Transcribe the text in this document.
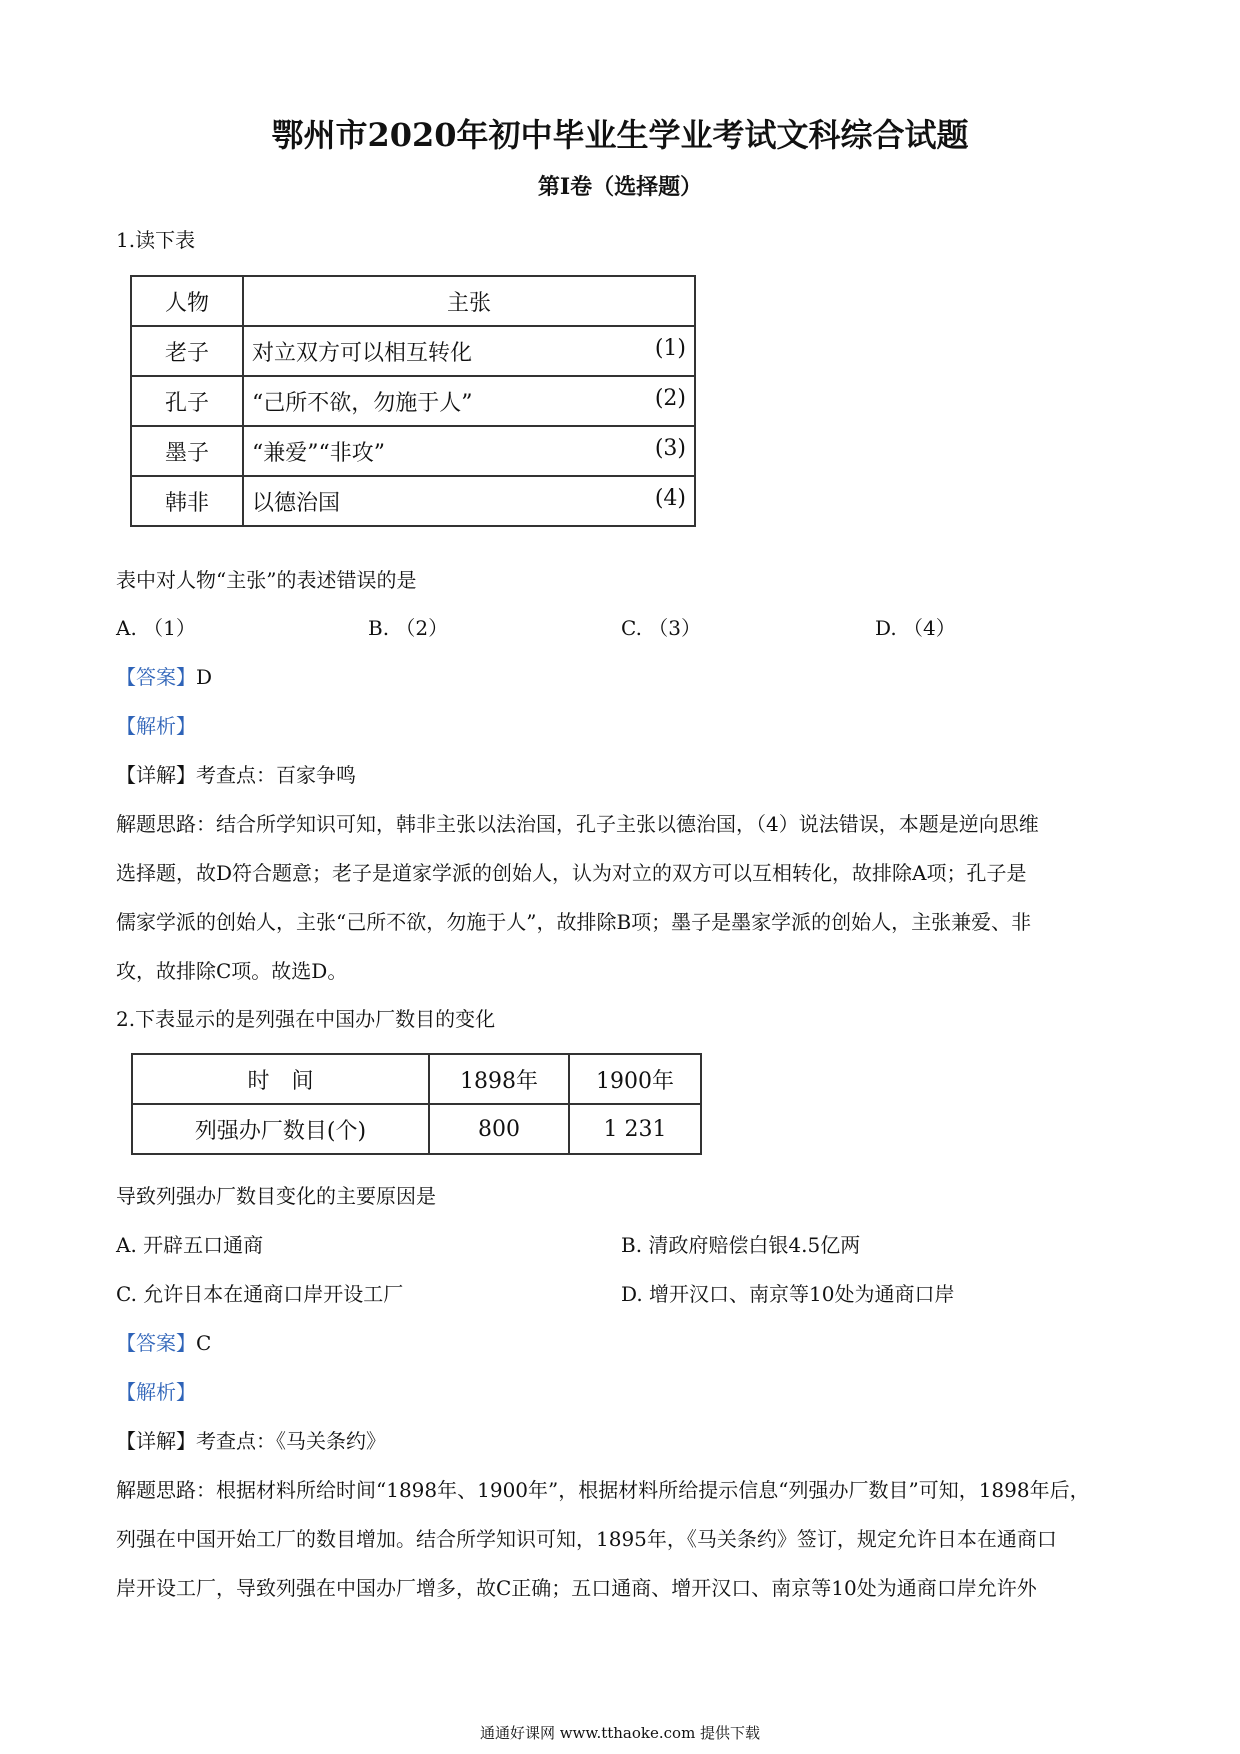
鄂州市2020年初中毕业生学业考试文科综合试题
第Ⅰ卷（选择题）
1.读下表
人物	主张
老子	对立双方可以相互转化 (1)

孔子	“己所不欲，勿施于人” (2)

墨子	“兼爱”“非攻” (3)

韩非	以德治国 (4)
表中对人物“主张”的表述错误的是
A. （1）	B. （2）	C. （3）	D. （4）
【答案】D
【解析】
【详解】考查点：百家争鸣
解题思路：结合所学知识可知，韩非主张以法治国，孔子主张以德治国，（4）说法错误，本题是逆向思维
选择题，故D符合题意；老子是道家学派的创始人，认为对立的双方可以互相转化，故排除A项；孔子是
儒家学派的创始人，主张“己所不欲，勿施于人”，故排除B项；墨子是墨家学派的创始人，主张兼爱、非
攻，故排除C项。故选D。
2.下表显示的是列强在中国办厂数目的变化
时　间	1898年	1900年
列强办厂数目(个)	800	1 231
导致列强办厂数目变化的主要原因是
A. 开辟五口通商	B. 清政府赔偿白银4.5亿两
C. 允许日本在通商口岸开设工厂	D. 增开汉口、南京等10处为通商口岸
【答案】C
【解析】
【详解】考查点：《马关条约》
解题思路：根据材料所给时间“1898年、1900年”，根据材料所给提示信息“列强办厂数目”可知，1898年后，
列强在中国开始工厂的数目增加。结合所学知识可知，1895年，《马关条约》签订，规定允许日本在通商口
岸开设工厂，导致列强在中国办厂增多，故C正确；五口通商、增开汉口、南京等10处为通商口岸允许外
通通好课网 www.tthaoke.com 提供下载
